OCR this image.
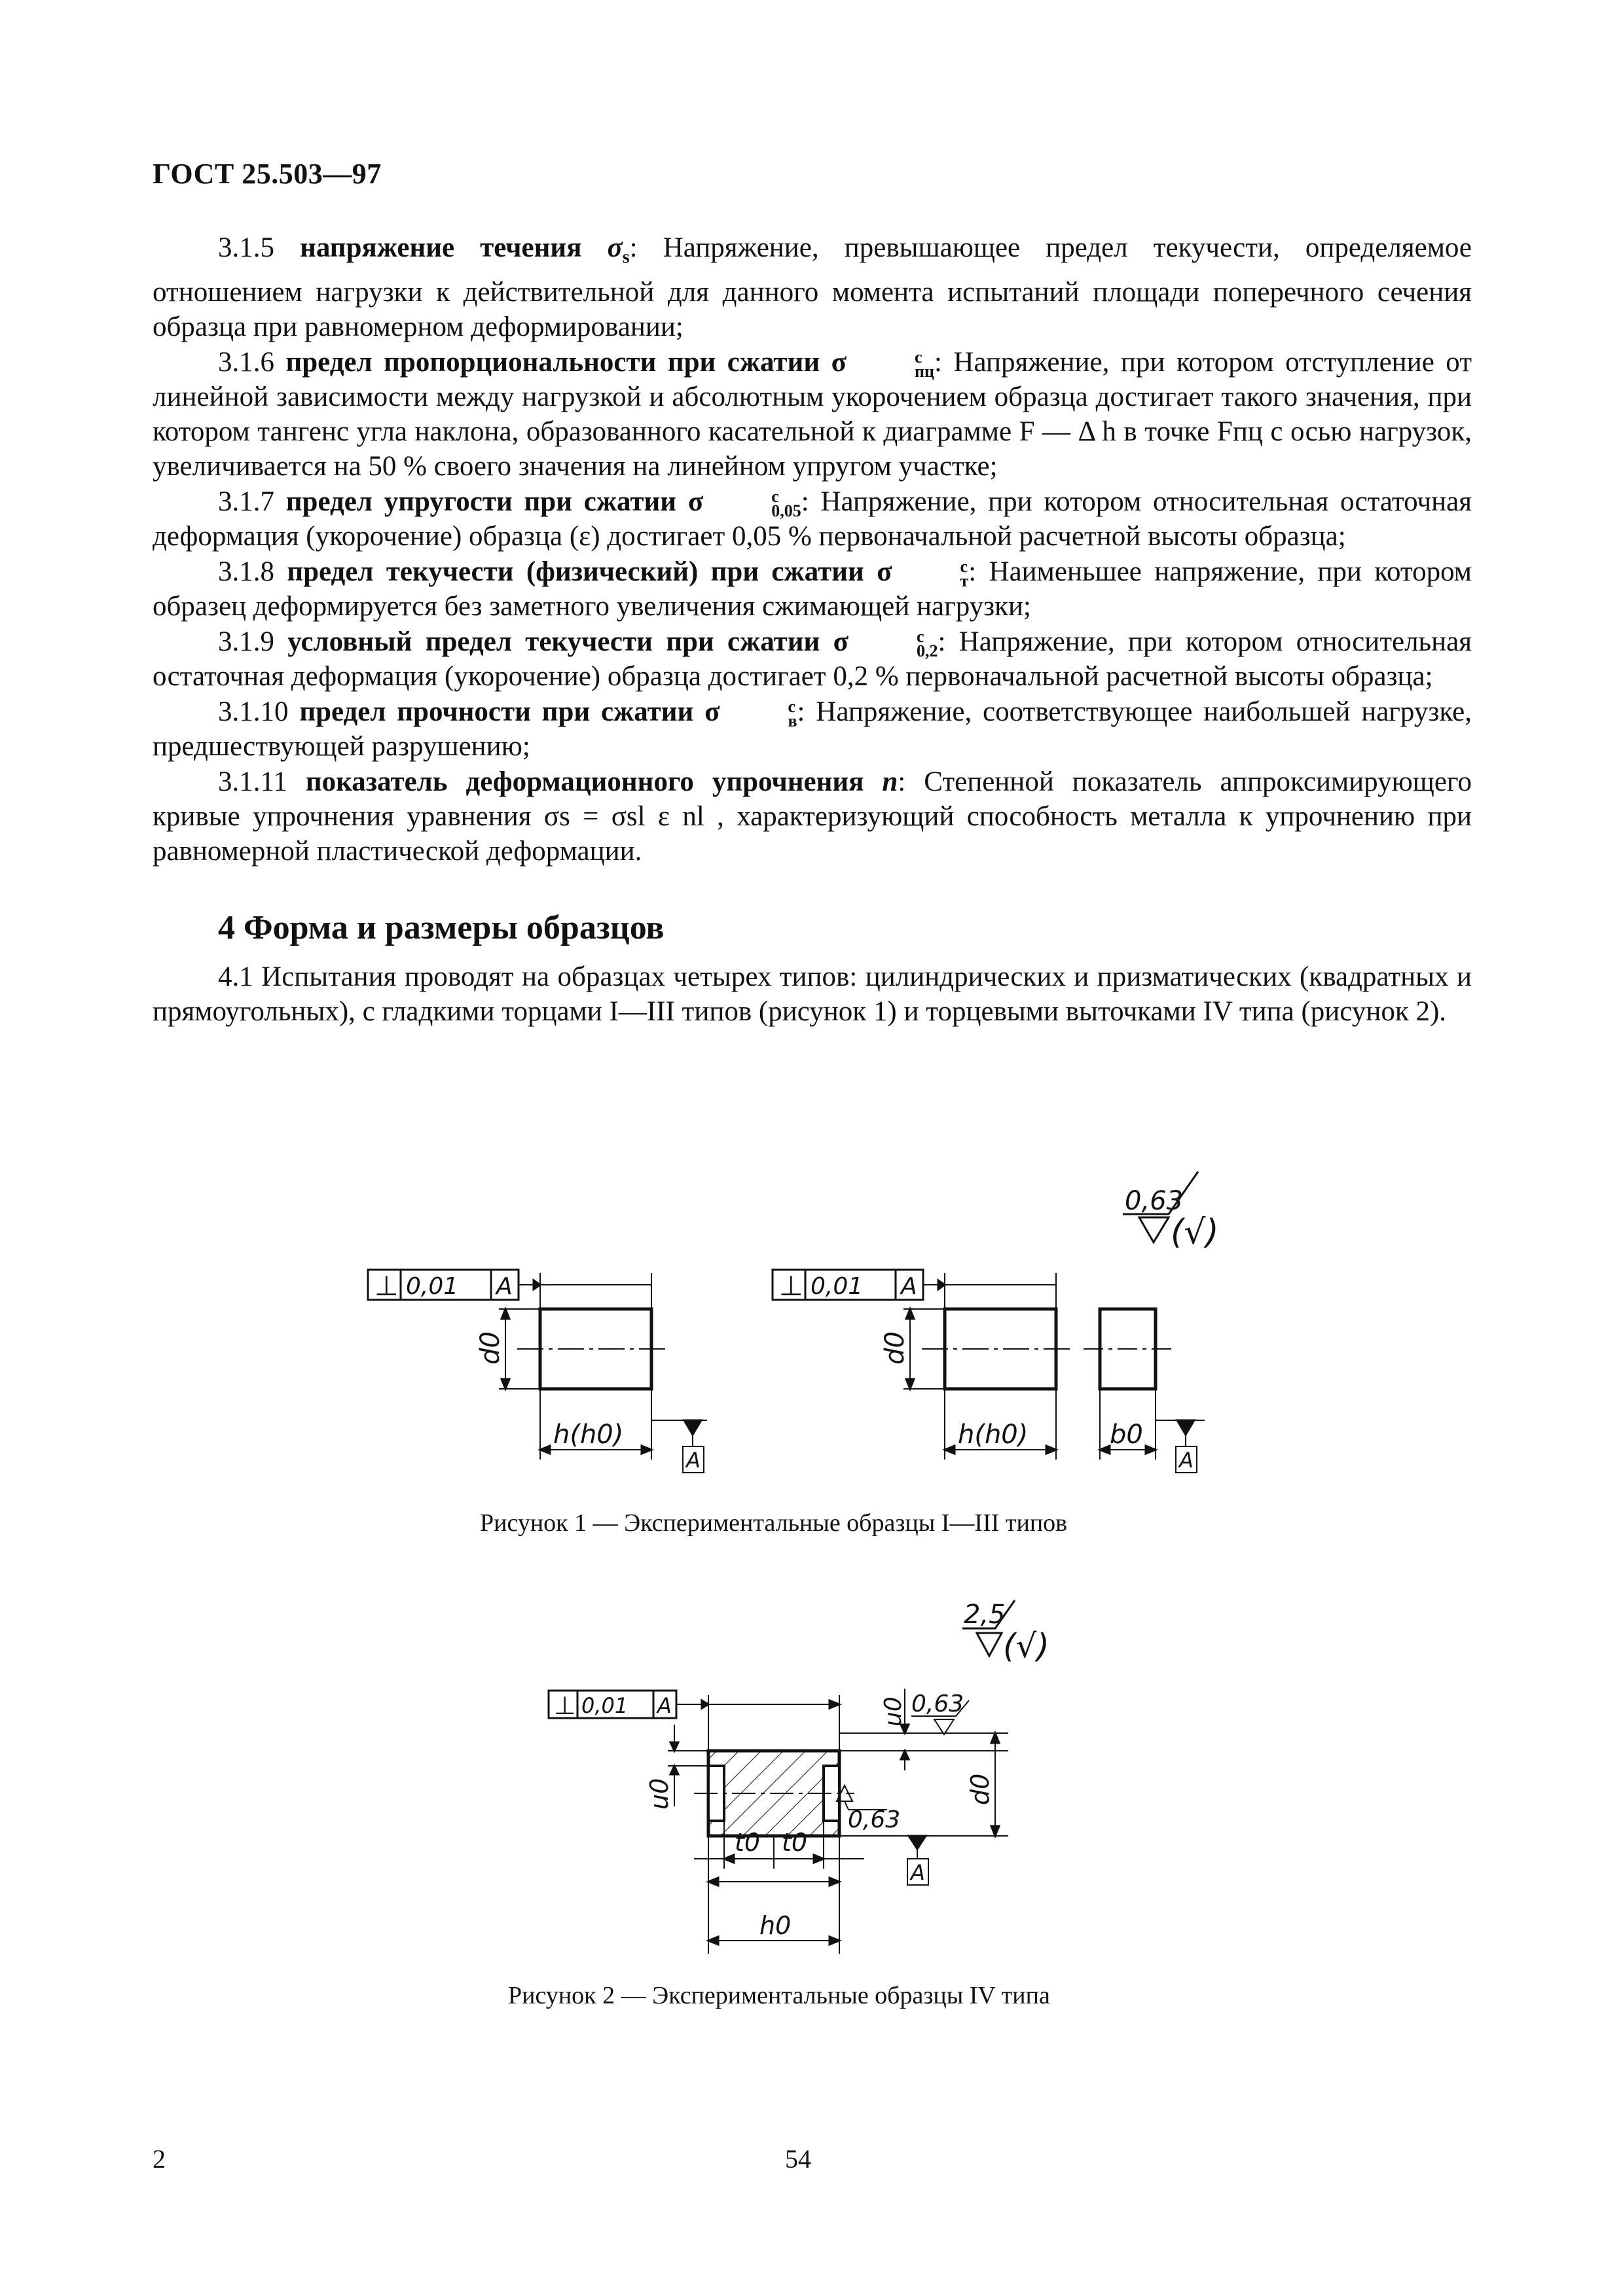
ГОСТ 25.503—97

3.1.5 напряжение течения $\sigma_s$: Напряжение, превышающее предел текучести, определяемое отношением нагрузки к действительной для данного момента испытаний площади поперечного сечения образца при равномерном деформировании;

3.1.6 предел пропорциональности при сжатии σ	с
пц : Напряжение, при котором отступление от линейной зависимости между нагрузкой и абсолютным укорочением образца достигает такого значения, при котором тангенс угла наклона, образованного касательной к диаграмме F — Δ h в точке Fпц с осью нагрузок, увеличивается на 50 % своего значения на линейном упругом участке;

3.1.7 предел упругости при сжатии σ	с
0,05 : Напряжение, при котором относительная остаточная деформация (укорочение) образца (ε) достигает 0,05 % первоначальной расчетной высоты образца;

3.1.8 предел текучести (физический) при сжатии σ	с
т : Наименьшее напряжение, при котором образец деформируется без заметного увеличения сжимающей нагрузки;

3.1.9 условный предел текучести при сжатии σ	с
0,2 : Напряжение, при котором относительная остаточная деформация (укорочение) образца достигает 0,2 % первоначальной расчетной высоты образца;

3.1.10 предел прочности при сжатии σ	с
в : Напряжение, соответствующее наибольшей нагрузке, предшествующей разрушению;

3.1.11 показатель деформационного упрочнения n: Степенной показатель аппроксимирующего кривые упрочнения уравнения σs = σsl ε nl , характеризующий способность металла к упрочнению при равномерной пластической деформации.

4 Форма и размеры образцов

4.1 Испытания проводят на образцах четырех типов: цилиндрических и призматических (квадратных и прямоугольных), с гладкими торцами I—III типов (рисунок 1) и торцевыми выточками IV типа (рисунок 2).

0,63
(√)
⊥ 0,01 A
d0
h(h0)
A
⊥ 0,01 A
d0
h(h0)	b0
A
Рисунок 1 — Экспериментальные образцы I—III типов
2,5
(√)
⊥ 0,01 A
u0
u0 0,63
0,63
d0
A
t0 t0
h0
Рисунок 2 — Экспериментальные образцы IV типа
2	54
